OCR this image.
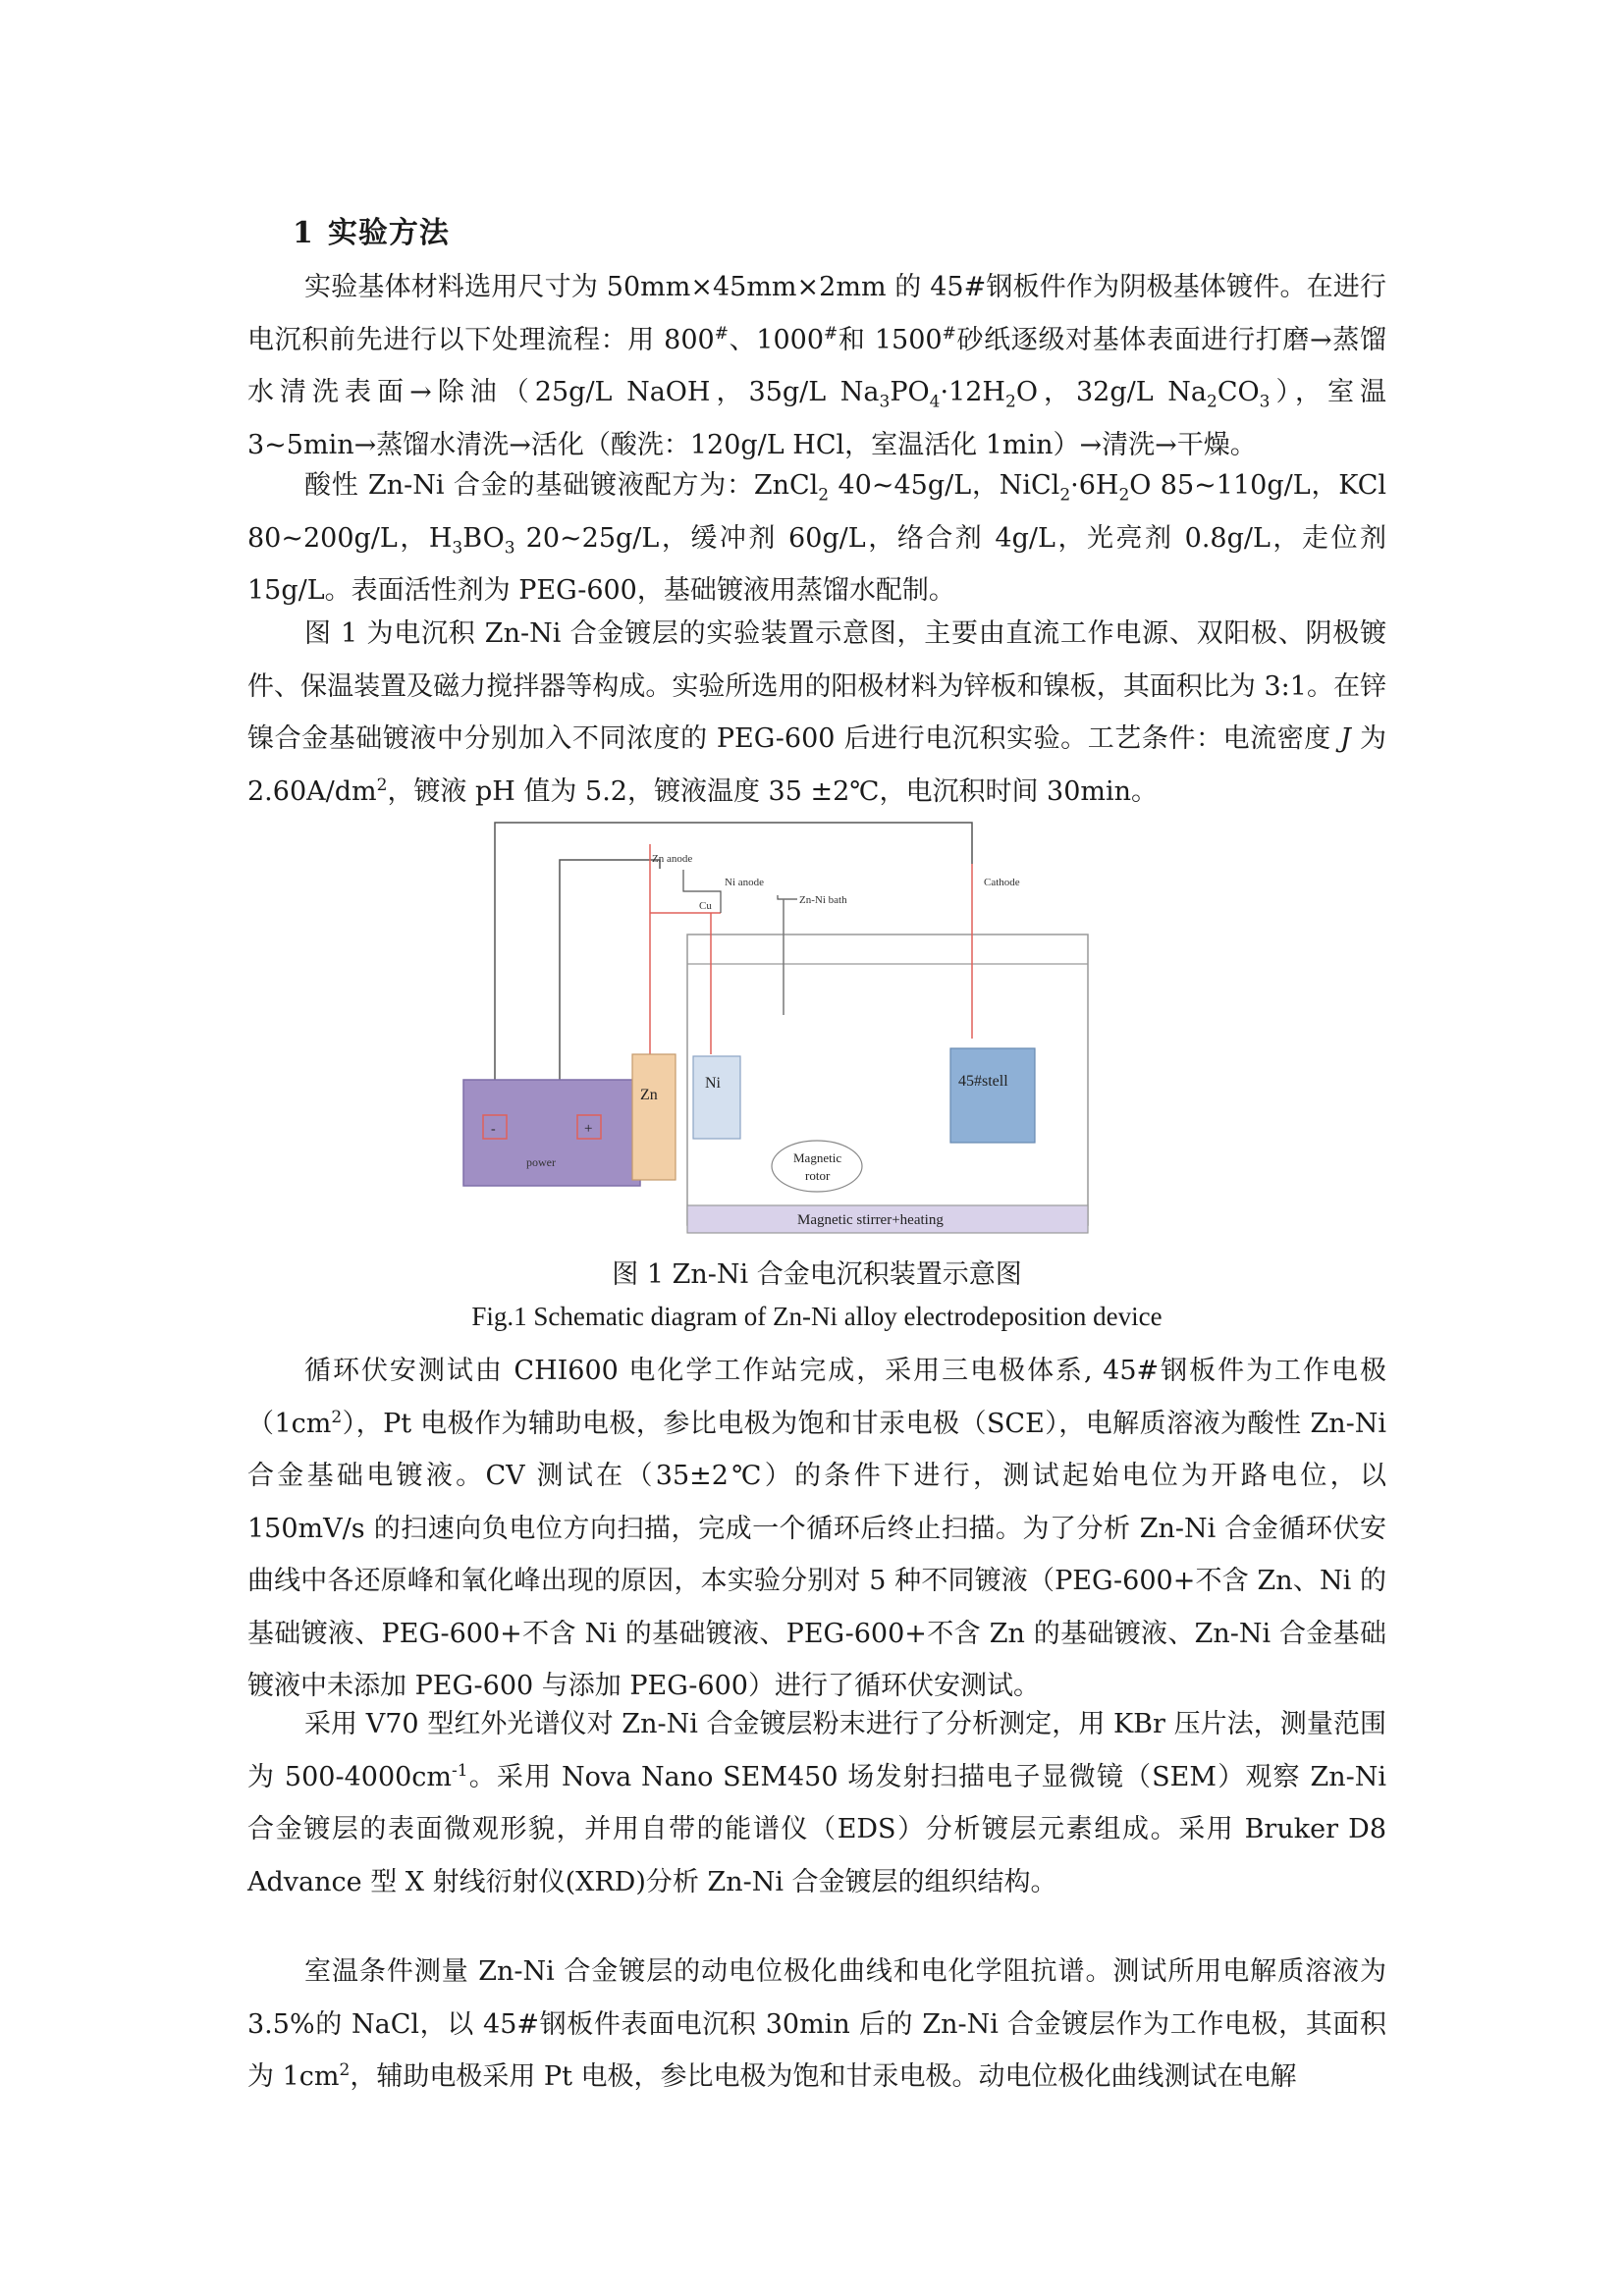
1 实验方法

实验基体材料选用尺寸为 50mm×45mm×2mm 的 45#钢板件作为阴极基体镀件。在进行电沉积前先进行以下处理流程：用 800#、1000#和 1500#砂纸逐级对基体表面进行打磨→蒸馏水清洗表面→除油（25g/L NaOH，35g/L $Na_3PO_4\cdot 12H_2O$，32g/L $Na_2CO_3$），室温 3~5min→蒸馏水清洗→活化（酸洗：120g/L HCl，室温活化 1min）→清洗→干燥。

酸性 Zn-Ni 合金的基础镀液配方为：ZnCl$_2$ 40~45g/L，$NiCl_2\cdot 6H_2O$ 85~110g/L，KCl 80~200g/L，$H_3BO_3$ 20~25g/L，缓冲剂 60g/L，络合剂 4g/L，光亮剂 0.8g/L，走位剂 15g/L。表面活性剂为 PEG-600，基础镀液用蒸馏水配制。

图 1 为电沉积 Zn-Ni 合金镀层的实验装置示意图，主要由直流工作电源、双阳极、阴极镀件、保温装置及磁力搅拌器等构成。实验所选用的阳极材料为锌板和镍板，其面积比为 3:1。在锌镍合金基础镀液中分别加入不同浓度的 PEG-600 后进行电沉积实验。工艺条件：电流密度 J 为 $2.60A/dm^2$，镀液 pH 值为 5.2，镀液温度 35 ±2℃，电沉积时间 30min。

-	+
power
Magnetic stirrer+heating
Zn
Ni	45#stell
Magnetic
rotor
Zn anode
Ni anode
Cu	Zn-Ni bath
Cathode

图 1 Zn-Ni 合金电沉积装置示意图

Fig.1 Schematic diagram of Zn-Ni alloy electrodeposition device

循环伏安测试由 CHI600 电化学工作站完成，采用三电极体系, 45#钢板件为工作电极$(1cm^2)$，Pt 电极作为辅助电极，参比电极为饱和甘汞电极（SCE），电解质溶液为酸性 Zn-Ni 合金基础电镀液。CV 测试在（35±2℃）的条件下进行，测试起始电位为开路电位，以 150mV/s 的扫速向负电位方向扫描，完成一个循环后终止扫描。为了分析 Zn-Ni 合金循环伏安曲线中各还原峰和氧化峰出现的原因，本实验分别对 5 种不同镀液（PEG-600+不含 Zn、Ni 的基础镀液、PEG-600+不含 Ni 的基础镀液、PEG-600+不含 Zn 的基础镀液、Zn-Ni 合金基础镀液中未添加 PEG-600 与添加 PEG-600）进行了循环伏安测试。

采用 V70 型红外光谱仪对 Zn-Ni 合金镀层粉末进行了分析测定，用 KBr 压片法，测量范围为 $500-4000cm^{-1}$。采用 Nova Nano SEM450 场发射扫描电子显微镜（SEM）观察 Zn-Ni 合金镀层的表面微观形貌，并用自带的能谱仪（EDS）分析镀层元素组成。采用 Bruker D8 Advance 型 X 射线衍射仪(XRD)分析 Zn-Ni 合金镀层的组织结构。

室温条件测量 Zn-Ni 合金镀层的动电位极化曲线和电化学阻抗谱。测试所用电解质溶液为 3.5%的 NaCl，以 45#钢板件表面电沉积 30min 后的 Zn-Ni 合金镀层作为工作电极，其面积为 $1cm^2$，辅助电极采用 Pt 电极，参比电极为饱和甘汞电极。动电位极化曲线测试在电解
